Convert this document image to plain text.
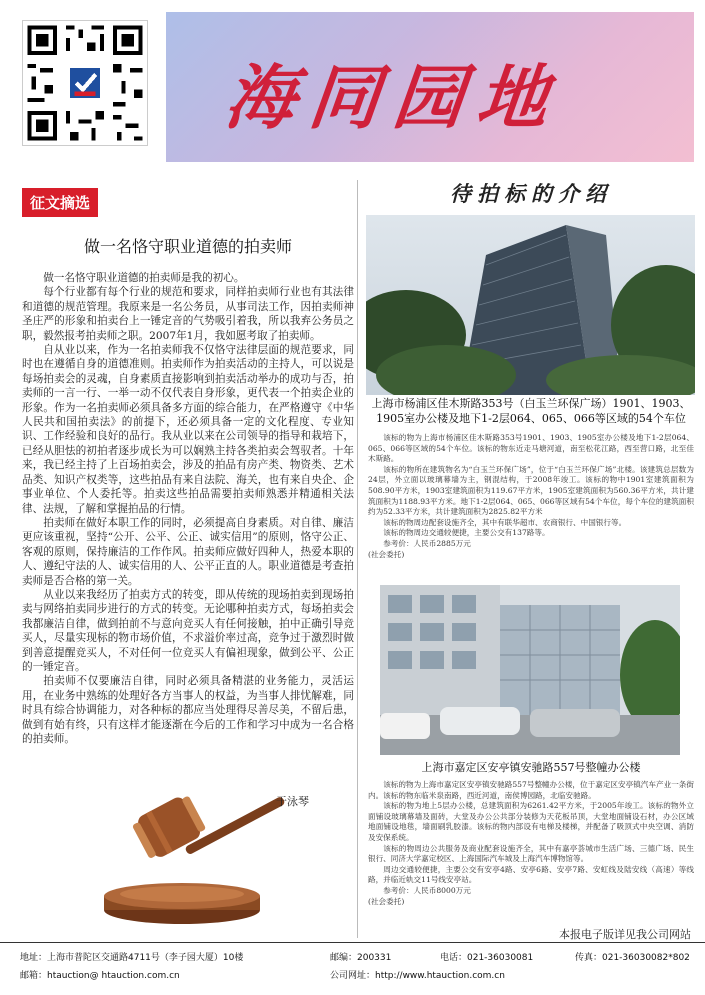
海同园地
征文摘选
做一名恪守职业道德的拍卖师

做一名恪守职业道德的拍卖师是我的初心。

每个行业都有每个行业的规范和要求，同样拍卖师行业也有其法律和道德的规范管理。我原来是一名公务员，从事司法工作，因拍卖师神圣庄严的形象和拍卖台上一锤定音的气势吸引着我，所以我弃公务员之职，毅然报考拍卖师之职。2007年1月，我如愿考取了拍卖师。

自从业以来，作为一名拍卖师我不仅恪守法律层面的规范要求，同时也在遵循自身的道德准则。拍卖师作为拍卖活动的主持人，可以说是每场拍卖会的灵魂，自身素质直接影响到拍卖活动举办的成功与否，拍卖师的一言一行、一举一动不仅代表自身形象，更代表一个拍卖企业的形象。作为一名拍卖师必须具备多方面的综合能力，在严格遵守《中华人民共和国拍卖法》的前提下，还必须具备一定的文化程度、专业知识、工作经验和良好的品行。我从业以来在公司领导的指导和栽培下，已经从胆怯的初拍者逐步成长为可以娴熟主持各类拍卖会驾驭者。十年来，我已经主持了上百场拍卖会，涉及的拍品有房产类、物资类、艺术品类、知识产权类等，这些拍品有来自法院、海关，也有来自央企、企事业单位、个人委托等。拍卖这些拍品需要拍卖师熟悉并精通相关法律、法规，了解和掌握拍品的行情。

拍卖师在做好本职工作的同时，必须提高自身素质。对自律、廉洁更应该重视，坚持“公开、公平、公正、诚实信用”的原则，恪守公正、客观的原则，保持廉洁的工作作风。拍卖师应做好四种人，热爱本职的人、遵纪守法的人、诚实信用的人、公平正直的人。职业道德是考查拍卖师是否合格的第一关。

从业以来我经历了拍卖方式的转变，即从传统的现场拍卖到现场拍卖与网络拍卖同步进行的方式的转变。无论哪种拍卖方式，每场拍卖会我都廉洁自律，做到拍前不与意向竞买人有任何接触，拍中正确引导竞买人，尽量实现标的物市场价值，不求溢价率过高，竞争过于激烈时做到善意提醒竞买人，不对任何一位竞买人有偏袒现象，做到公平、公正的一锤定音。

拍卖师不仅要廉洁自律，同时必须具备精湛的业务能力，灵活运用，在业务中熟练的处理好各方当事人的权益，为当事人排忧解难，同时具有综合协调能力，对各种标的都应当处理得尽善尽美，不留后患，做到有始有终，只有这样才能逐渐在今后的工作和学习中成为一名合格的拍卖师。

于泳琴
待拍标的介绍
上海市杨浦区佳木斯路353号（白玉兰环保广场）1901、1903、1905室办公楼及地下1-2层064、065、066等区域的54个车位

该标的物为上海市杨浦区佳木斯路353号1901、1903、1905室办公楼及地下1-2层064、065、066等区域的54个车位。该标的物东近走马塘河道，南至松花江路，西至营口路，北至佳木斯路。

该标的物所在建筑物名为“白玉兰环保广场”，位于“白玉兰环保广场”北楼。该建筑总层数为24层，外立面以玻璃幕墙为主，钢混结构，于2008年竣工。该标的物中1901室建筑面积为508.90平方米，1903室建筑面积为119.67平方米，1905室建筑面积为560.36平方米，共计建筑面积为1188.93平方米。地下1-2层064、065、066等区域有54个车位，每个车位的建筑面积约为52.33平方米，共计建筑面积为2825.82平方米

该标的物周边配套设施齐全，其中有联华超市、农商银行、中国银行等。

该标的物周边交通较便捷，主要公交有137路等。

参考价：人民币2885万元

(社会委托)

上海市嘉定区安亭镇安驰路557号整幢办公楼

该标的物为上海市嘉定区安亭镇安驰路557号整幢办公楼，位于嘉定区安亭镇汽车产业一条街内。该标的物东临米泉南路，西近河道，南侯博园路，北临安驰路。

该标的物为地上5层办公楼，总建筑面积为6261.42平方米，于2005年竣工。该标的物外立面铺设玻璃幕墙及面砖，大堂及办公公共部分装修为天花板吊顶，大堂地面铺设石材，办公区域地面铺设地毯，墙面刷乳胶漆。该标的物内部设有电梯及楼梯，并配备了吸顶式中央空调、消防及安保系统。

该标的物周边公共服务及商业配套设施齐全，其中有嘉亭荟城市生活广场、三德广场、民生银行、同济大学嘉定校区、上海国际汽车城及上海汽车博物馆等。

周边交通较便捷，主要公交有安亭4路、安亭6路、安亭7路、安虹线及陆安线（高速）等线路，并临近轨交11号线安亭站。

参考价：人民币8000万元

(社会委托)

本报电子版详见我公司网站
地址：上海市普陀区交通路4711号（李子园大厦）10楼	邮编：200331	电话：021-36030081	传真：021-36030082*802
邮箱：htauction@ htauction.com.cn	公司网址：http://www.htauction.com.cn
